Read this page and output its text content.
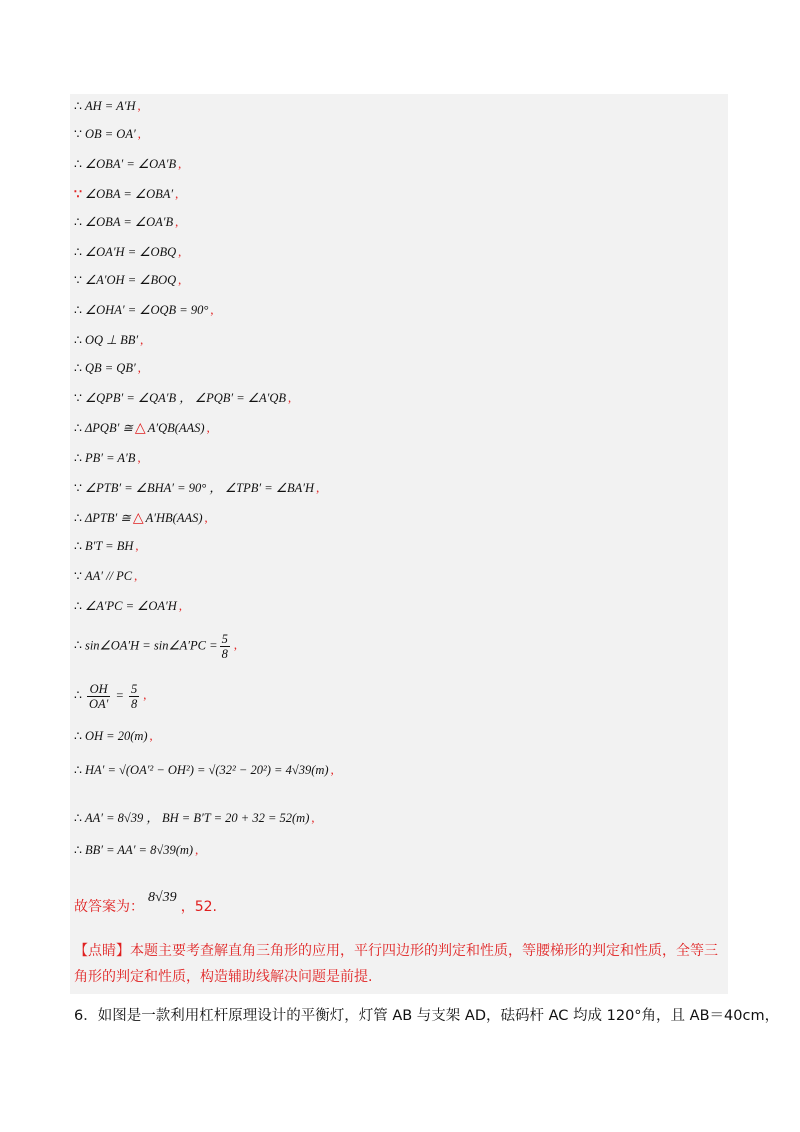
∴ AH = A′H ,
∵ OB = OA′ ,
∴ ∠OBA′ = ∠OA′B ,
∵ ∠OBA = ∠OBA′ ,
∴ ∠OBA = ∠OA′B ,
∴ ∠OA′H = ∠OBQ ,
∵ ∠A′OH = ∠BOQ ,
∴ ∠OHA′ = ∠OQB = 90° ,
∴ OQ ⊥ BB′ ,
∴ QB = QB′ ,
∵ ∠QPB′ = ∠QA′B ， ∠PQB′ = ∠A′QB ,
∴ ΔPQB′ ≅ △ A′QB(AAS) ,
∴ PB′ = A′B ,
∵ ∠PTB′ = ∠BHA′ = 90° ， ∠TPB′ = ∠BA′H ,
∴ ΔPTB′ ≅ △ A′HB(AAS) ,
∴ B′T = BH ,
∵ AA′ // PC ,
∴ ∠A′PC = ∠OA′H ,
∴ sin∠OA′H = sin∠A′PC = $\frac{5}{8}$ ,
∴ $\frac{OH}{OA'} = \frac{5}{8}$ ,
∴ OH = 20(m) ,
∴ HA′ = √(OA′² − OH²) = √(32² − 20²) = 4√39(m) ,
∴ AA′ = 8√39 ， BH = B′T = 20 + 32 = 52(m) ,
∴ BB′ = AA′ = 8√39(m) ,
故答案为：8√39，52.
【点睛】本题主要考查解直角三角形的应用，平行四边形的判定和性质，等腰梯形的判定和性质，全等三角形的判定和性质，构造辅助线解决问题是前提.
6．如图是一款利用杠杆原理设计的平衡灯，灯管 AB 与支架 AD，砝码杆 AC 均成 120°角，且 AB＝40cm，
